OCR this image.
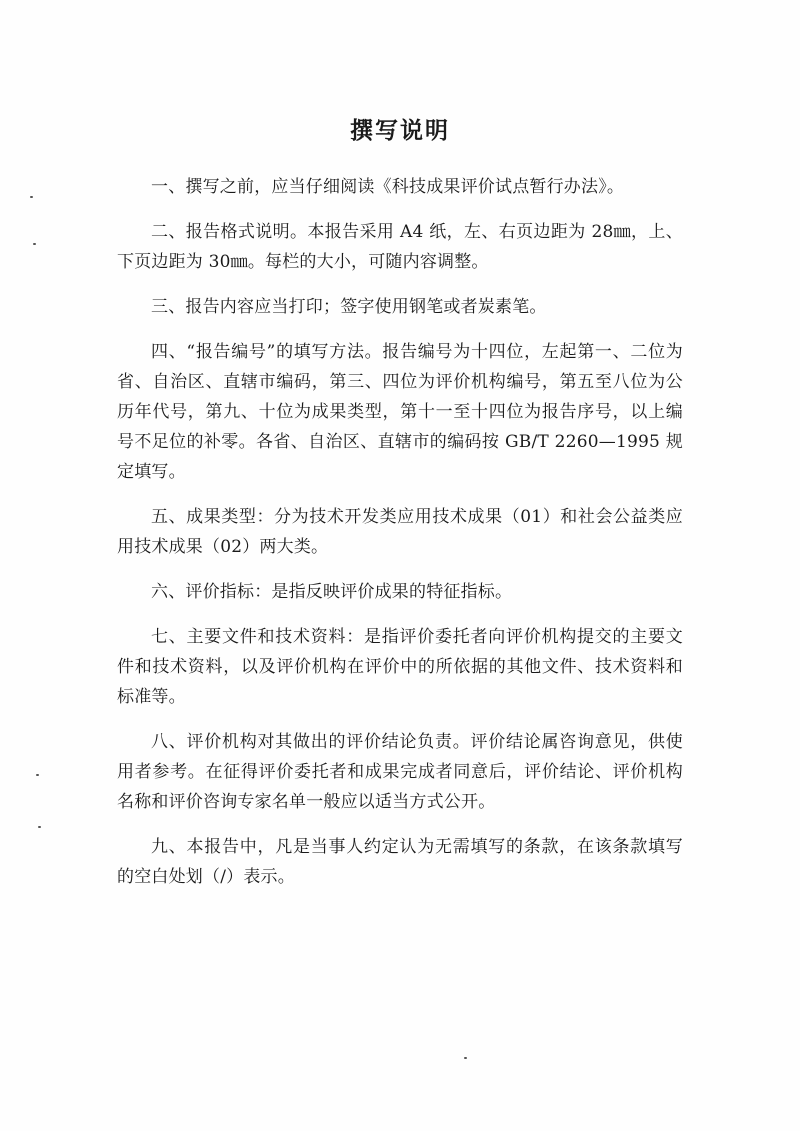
撰写说明

一、撰写之前，应当仔细阅读《科技成果评价试点暂行办法》。

二、报告格式说明。本报告采用 A4 纸，左、右页边距为 28㎜，上、下页边距为 30㎜。每栏的大小，可随内容调整。

三、报告内容应当打印；签字使用钢笔或者炭素笔。

四、“报告编号”的填写方法。报告编号为十四位，左起第一、二位为省、自治区、直辖市编码，第三、四位为评价机构编号，第五至八位为公历年代号，第九、十位为成果类型，第十一至十四位为报告序号，以上编号不足位的补零。各省、自治区、直辖市的编码按 GB/T 2260—1995 规定填写。

五、成果类型：分为技术开发类应用技术成果（01）和社会公益类应用技术成果（02）两大类。

六、评价指标：是指反映评价成果的特征指标。

七、主要文件和技术资料：是指评价委托者向评价机构提交的主要文件和技术资料，以及评价机构在评价中的所依据的其他文件、技术资料和标准等。

八、评价机构对其做出的评价结论负责。评价结论属咨询意见，供使用者参考。在征得评价委托者和成果完成者同意后，评价结论、评价机构名称和评价咨询专家名单一般应以适当方式公开。

九、本报告中，凡是当事人约定认为无需填写的条款，在该条款填写的空白处划（/）表示。
